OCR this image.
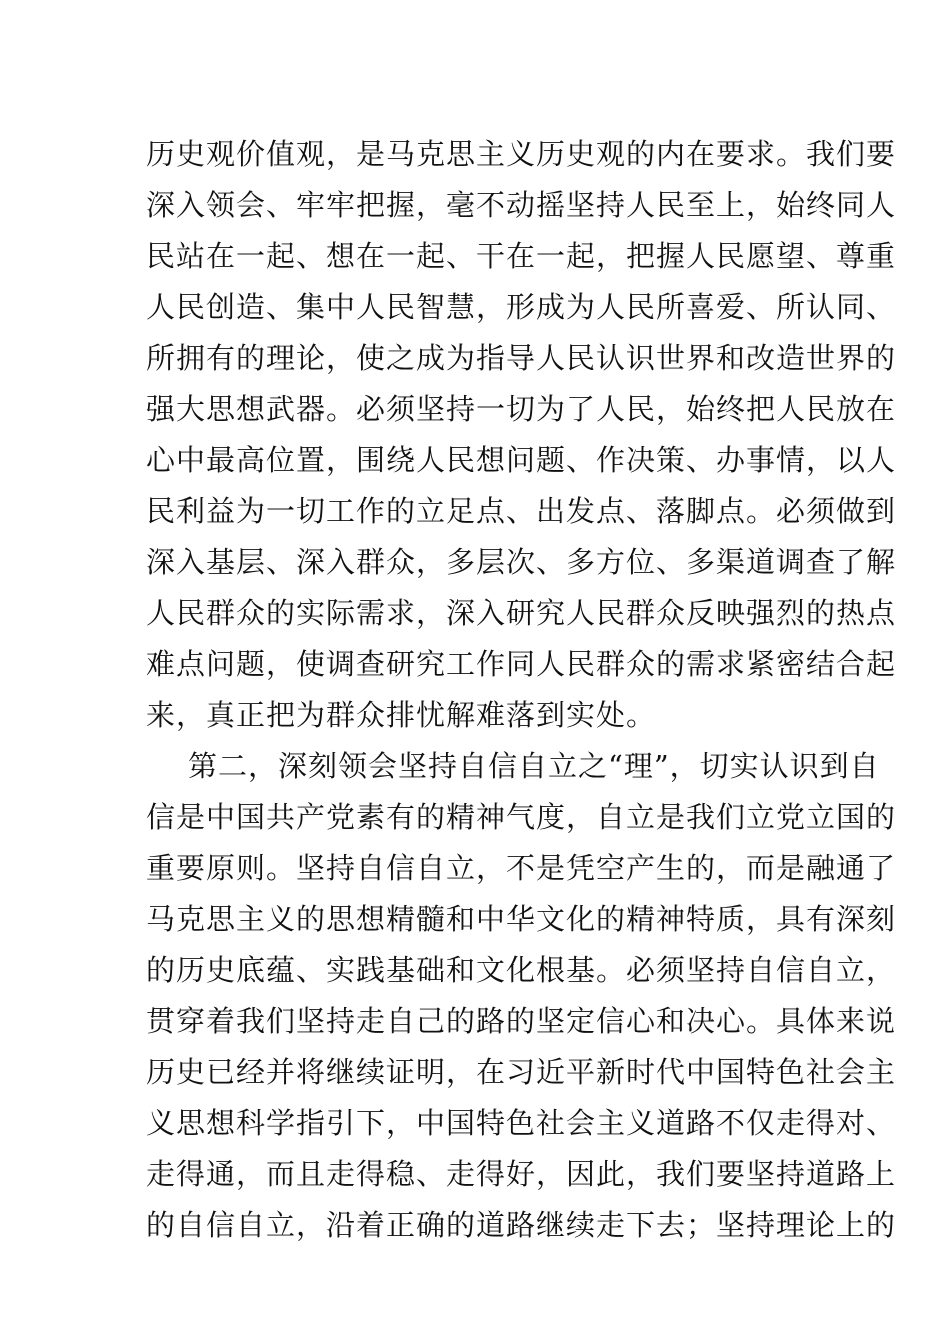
历史观价值观，是马克思主义历史观的内在要求。我们要
深入领会、牢牢把握，毫不动摇坚持人民至上，始终同人
民站在一起、想在一起、干在一起，把握人民愿望、尊重
人民创造、集中人民智慧，形成为人民所喜爱、所认同、
所拥有的理论，使之成为指导人民认识世界和改造世界的
强大思想武器。必须坚持一切为了人民，始终把人民放在
心中最高位置，围绕人民想问题、作决策、办事情，以人
民利益为一切工作的立足点、出发点、落脚点。必须做到
深入基层、深入群众，多层次、多方位、多渠道调查了解
人民群众的实际需求，深入研究人民群众反映强烈的热点
难点问题，使调查研究工作同人民群众的需求紧密结合起
来，真正把为群众排忧解难落到实处。
第二，深刻领会坚持自信自立之“理”，切实认识到自
信是中国共产党素有的精神气度，自立是我们立党立国的
重要原则。坚持自信自立，不是凭空产生的，而是融通了
马克思主义的思想精髓和中华文化的精神特质，具有深刻
的历史底蕴、实践基础和文化根基。必须坚持自信自立，
贯穿着我们坚持走自己的路的坚定信心和决心。具体来说
历史已经并将继续证明，在习近平新时代中国特色社会主
义思想科学指引下，中国特色社会主义道路不仅走得对、
走得通，而且走得稳、走得好，因此，我们要坚持道路上
的自信自立，沿着正确的道路继续走下去；坚持理论上的
